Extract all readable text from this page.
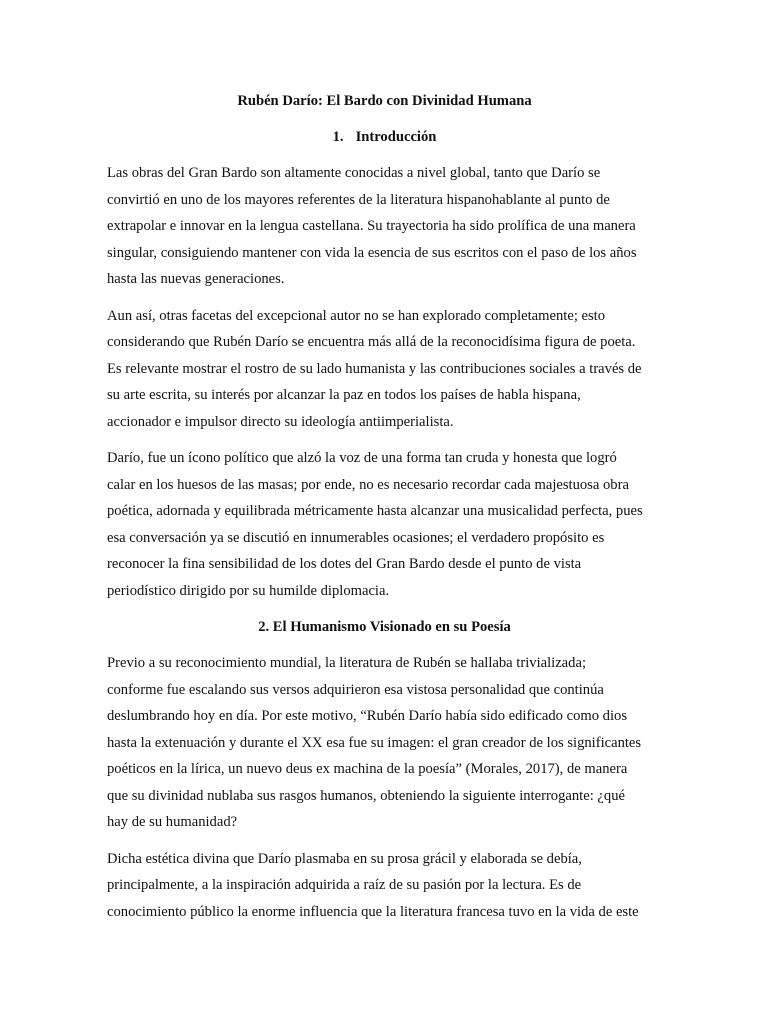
Rubén Darío: El Bardo con Divinidad Humana
1. Introducción

Las obras del Gran Bardo son altamente conocidas a nivel global, tanto que Darío se
convirtió en uno de los mayores referentes de la literatura hispanohablante al punto de
extrapolar e innovar en la lengua castellana. Su trayectoria ha sido prolífica de una manera
singular, consiguiendo mantener con vida la esencia de sus escritos con el paso de los años
hasta las nuevas generaciones.

Aun así, otras facetas del excepcional autor no se han explorado completamente; esto
considerando que Rubén Darío se encuentra más allá de la reconocidísima figura de poeta.
Es relevante mostrar el rostro de su lado humanista y las contribuciones sociales a través de
su arte escrita, su interés por alcanzar la paz en todos los países de habla hispana,
accionador e impulsor directo su ideología antiimperialista.

Darío, fue un ícono político que alzó la voz de una forma tan cruda y honesta que logró
calar en los huesos de las masas; por ende, no es necesario recordar cada majestuosa obra
poética, adornada y equilibrada métricamente hasta alcanzar una musicalidad perfecta, pues
esa conversación ya se discutió en innumerables ocasiones; el verdadero propósito es
reconocer la fina sensibilidad de los dotes del Gran Bardo desde el punto de vista
periodístico dirigido por su humilde diplomacia.

2. El Humanismo Visionado en su Poesía

Previo a su reconocimiento mundial, la literatura de Rubén se hallaba trivializada;
conforme fue escalando sus versos adquirieron esa vistosa personalidad que continúa
deslumbrando hoy en día. Por este motivo, “Rubén Darío había sido edificado como dios
hasta la extenuación y durante el XX esa fue su imagen: el gran creador de los significantes
poéticos en la lírica, un nuevo deus ex machina de la poesía” (Morales, 2017), de manera
que su divinidad nublaba sus rasgos humanos, obteniendo la siguiente interrogante: ¿qué
hay de su humanidad?

Dicha estética divina que Darío plasmaba en su prosa grácil y elaborada se debía,
principalmente, a la inspiración adquirida a raíz de su pasión por la lectura. Es de
conocimiento público la enorme influencia que la literatura francesa tuvo en la vida de este
